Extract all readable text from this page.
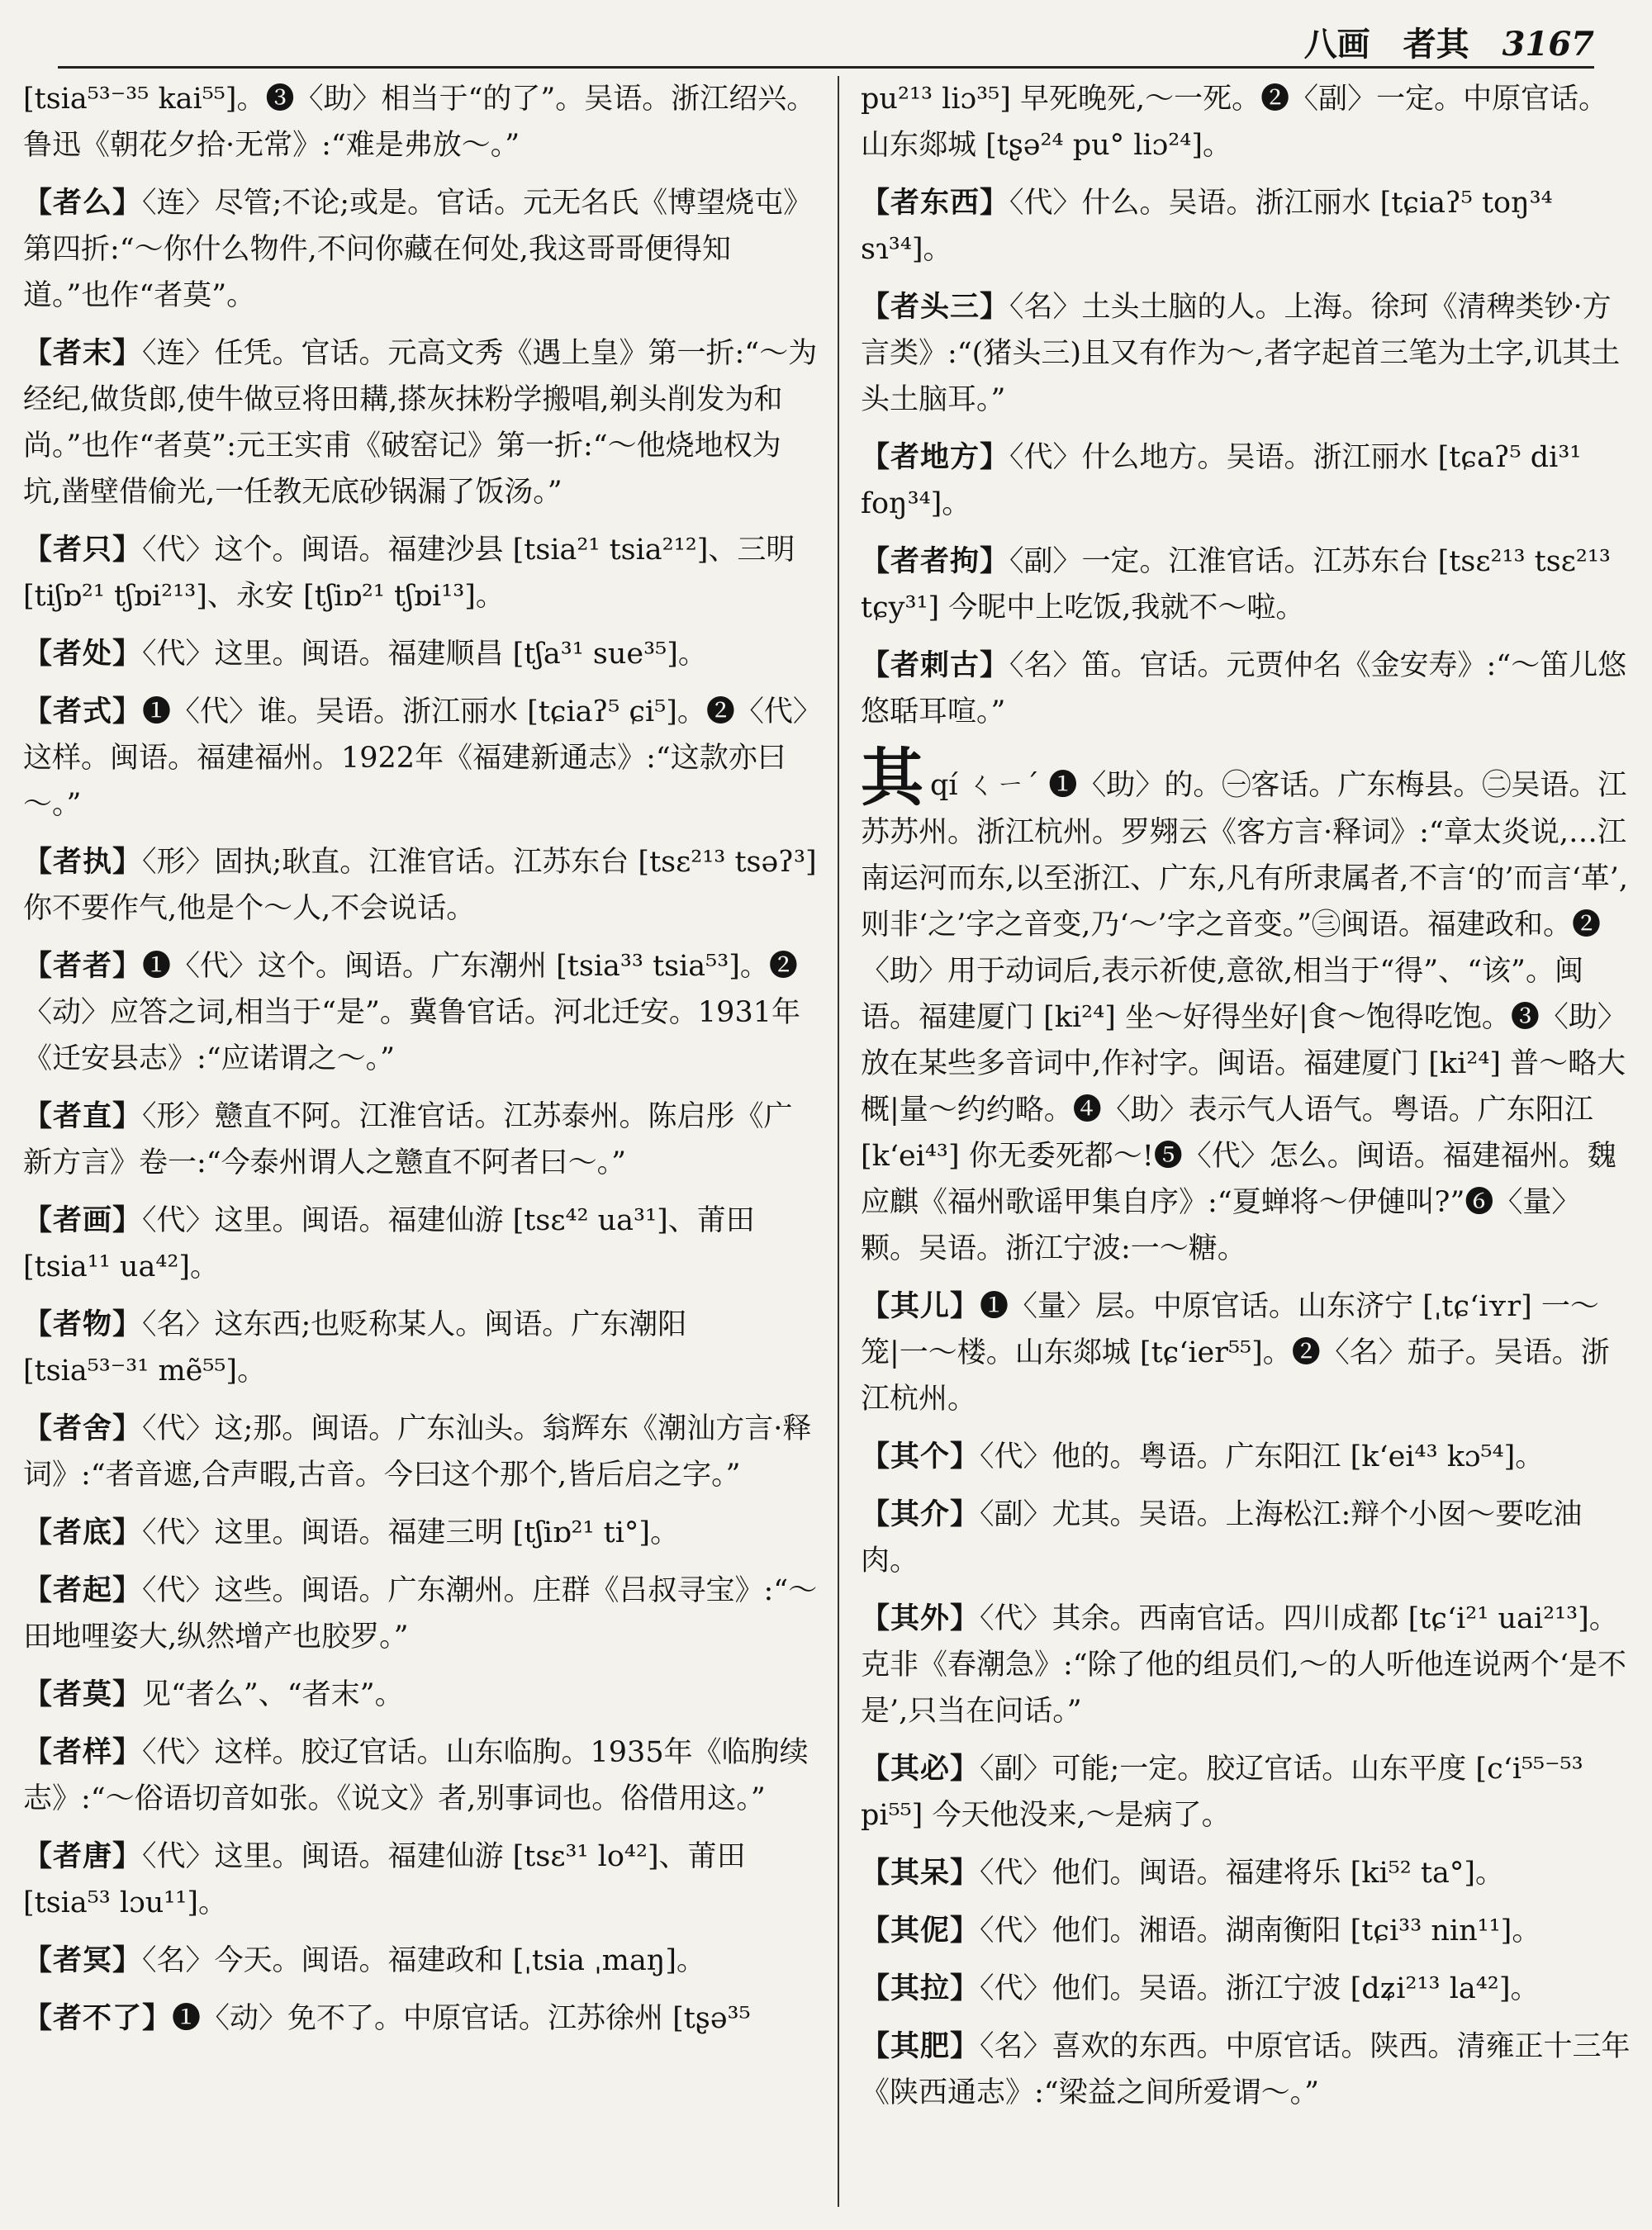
八画 者其 3167

[tsia⁵³⁻³⁵ kai⁵⁵]。❸〈助〉相当于“的了”。吴语。浙江绍兴。鲁迅《朝花夕拾·无常》:“难是弗放～。”

【者么】〈连〉尽管;不论;或是。官话。元无名氏《博望烧屯》第四折:“～你什么物件,不问你藏在何处,我这哥哥便得知道。”也作“者莫”。

【者末】〈连〉任凭。官话。元高文秀《遇上皇》第一折:“～为经纪,做货郎,使牛做豆将田耩,搽灰抹粉学搬唱,剃头削发为和尚。”也作“者莫”:元王实甫《破窑记》第一折:“～他烧地权为坑,凿壁借偷光,一任教无底砂锅漏了饭汤。”

【者只】〈代〉这个。闽语。福建沙县 [tsia²¹ tsia²¹²]、三明 [tiʃɒ²¹ tʃɒi²¹³]、永安 [tʃiɒ²¹ tʃɒi¹³]。

【者处】〈代〉这里。闽语。福建顺昌 [tʃa³¹ sue³⁵]。

【者式】❶〈代〉谁。吴语。浙江丽水 [tɕiaʔ⁵ ɕi⁵]。❷〈代〉这样。闽语。福建福州。1922年《福建新通志》:“这款亦曰～。”

【者执】〈形〉固执;耿直。江淮官话。江苏东台 [tsɛ²¹³ tsəʔ³] 你不要作气,他是个～人,不会说话。

【者者】❶〈代〉这个。闽语。广东潮州 [tsia³³ tsia⁵³]。❷〈动〉应答之词,相当于“是”。冀鲁官话。河北迁安。1931年《迁安县志》:“应诺谓之～。”

【者直】〈形〉戆直不阿。江淮官话。江苏泰州。陈启彤《广新方言》卷一:“今泰州谓人之戆直不阿者曰～。”

【者画】〈代〉这里。闽语。福建仙游 [tsɛ⁴² ua³¹]、莆田 [tsia¹¹ ua⁴²]。

【者物】〈名〉这东西;也贬称某人。闽语。广东潮阳 [tsia⁵³⁻³¹ mẽ⁵⁵]。

【者舍】〈代〉这;那。闽语。广东汕头。翁辉东《潮汕方言·释词》:“者音遮,合声暇,古音。今曰这个那个,皆后启之字。”

【者底】〈代〉这里。闽语。福建三明 [tʃiɒ²¹ ti°]。

【者起】〈代〉这些。闽语。广东潮州。庄群《吕叔寻宝》:“～田地哩姿大,纵然增产也胶罗。”

【者莫】见“者么”、“者末”。

【者样】〈代〉这样。胶辽官话。山东临朐。1935年《临朐续志》:“～俗语切音如张。《说文》者,别事词也。俗借用这。”

【者唐】〈代〉这里。闽语。福建仙游 [tsɛ³¹ lo⁴²]、莆田 [tsia⁵³ lɔu¹¹]。

【者冥】〈名〉今天。闽语。福建政和 [ˌtsia ˌmaŋ]。

【者不了】❶〈动〉免不了。中原官话。江苏徐州 [tʂə³⁵

pu²¹³ liɔ³⁵] 早死晚死,～一死。❷〈副〉一定。中原官话。山东郯城 [tʂə²⁴ pu° liɔ²⁴]。

【者东西】〈代〉什么。吴语。浙江丽水 [tɕiaʔ⁵ toŋ³⁴ sɿ³⁴]。

【者头三】〈名〉土头土脑的人。上海。徐珂《清稗类钞·方言类》:“(猪头三)且又有作为～,者字起首三笔为土字,讥其土头土脑耳。”

【者地方】〈代〉什么地方。吴语。浙江丽水 [tɕaʔ⁵ di³¹ foŋ³⁴]。

【者者拘】〈副〉一定。江淮官话。江苏东台 [tsɛ²¹³ tsɛ²¹³ tɕy³¹] 今昵中上吃饭,我就不～啦。

【者刺古】〈名〉笛。官话。元贾仲名《金安寿》:“～笛儿悠悠聒耳喧。”

其qí ㄑㄧˊ ❶〈助〉的。㊀客话。广东梅县。㊁吴语。江苏苏州。浙江杭州。罗翙云《客方言·释词》:“章太炎说,…江南运河而东,以至浙江、广东,凡有所隶属者,不言‘的’而言‘革’,则非‘之’字之音变,乃‘～’字之音变。”㊂闽语。福建政和。❷〈助〉用于动词后,表示祈使,意欲,相当于“得”、“该”。闽语。福建厦门 [ki²⁴] 坐～好得坐好|食～饱得吃饱。❸〈助〉放在某些多音词中,作衬字。闽语。福建厦门 [ki²⁴] 普～略大概|量～约约略。❹〈助〉表示气人语气。粤语。广东阳江 [k‘ei⁴³] 你无委死都～!❺〈代〉怎么。闽语。福建福州。魏应麒《福州歌谣甲集自序》:“夏蝉将～伊僆叫?”❻〈量〉颗。吴语。浙江宁波:一～糖。

【其儿】❶〈量〉层。中原官话。山东济宁 [ˌtɕ‘iʏr] 一～笼|一～楼。山东郯城 [tɕ‘ier⁵⁵]。❷〈名〉茄子。吴语。浙江杭州。

【其个】〈代〉他的。粤语。广东阳江 [k‘ei⁴³ kɔ⁵⁴]。

【其介】〈副〉尤其。吴语。上海松江:辩个小囡～要吃油肉。

【其外】〈代〉其余。西南官话。四川成都 [tɕ‘i²¹ uai²¹³]。克非《春潮急》:“除了他的组员们,～的人听他连说两个‘是不是’,只当在问话。”

【其必】〈副〉可能;一定。胶辽官话。山东平度 [c‘i⁵⁵⁻⁵³ pi⁵⁵] 今天他没来,～是病了。

【其呆】〈代〉他们。闽语。福建将乐 [ki⁵² ta°]。

【其伲】〈代〉他们。湘语。湖南衡阳 [tɕi³³ nin¹¹]。

【其拉】〈代〉他们。吴语。浙江宁波 [dʑi²¹³ la⁴²]。

【其肥】〈名〉喜欢的东西。中原官话。陕西。清雍正十三年《陕西通志》:“梁益之间所爱谓～。”
